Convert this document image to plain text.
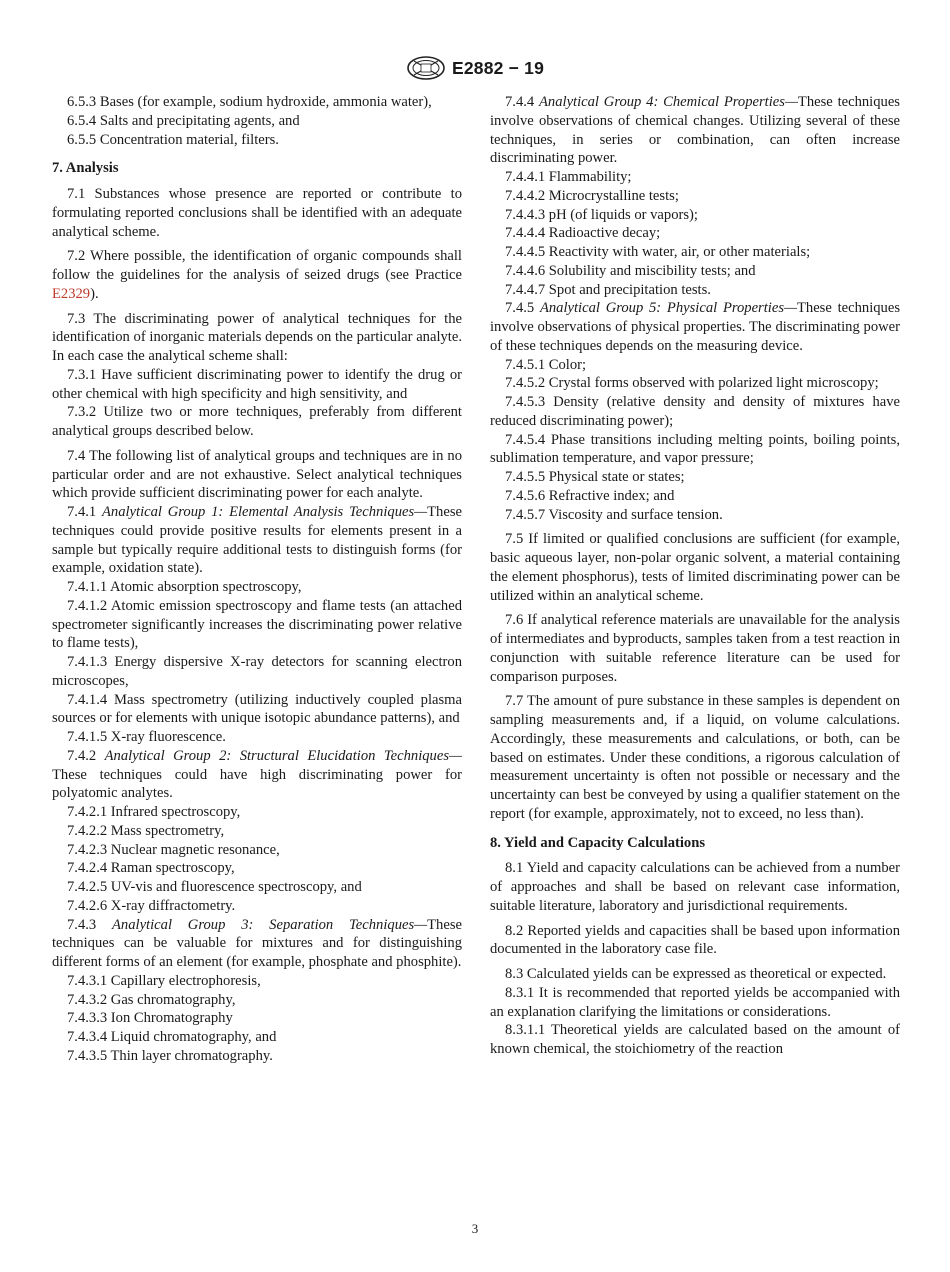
E2882 − 19

6.5.3 Bases (for example, sodium hydroxide, ammonia water),

6.5.4 Salts and precipitating agents, and

6.5.5 Concentration material, filters.

7. Analysis

7.1 Substances whose presence are reported or contribute to formulating reported conclusions shall be identified with an adequate analytical scheme.

7.2 Where possible, the identification of organic compounds shall follow the guidelines for the analysis of seized drugs (see Practice E2329).

7.3 The discriminating power of analytical techniques for the identification of inorganic materials depends on the particular analyte. In each case the analytical scheme shall:

7.3.1 Have sufficient discriminating power to identify the drug or other chemical with high specificity and high sensitivity, and

7.3.2 Utilize two or more techniques, preferably from different analytical groups described below.

7.4 The following list of analytical groups and techniques are in no particular order and are not exhaustive. Select analytical techniques which provide sufficient discriminating power for each analyte.

7.4.1 Analytical Group 1: Elemental Analysis Techniques—These techniques could provide positive results for elements present in a sample but typically require additional tests to distinguish forms (for example, oxidation state).

7.4.1.1 Atomic absorption spectroscopy,

7.4.1.2 Atomic emission spectroscopy and flame tests (an attached spectrometer significantly increases the discriminating power relative to flame tests),

7.4.1.3 Energy dispersive X-ray detectors for scanning electron microscopes,

7.4.1.4 Mass spectrometry (utilizing inductively coupled plasma sources or for elements with unique isotopic abundance patterns), and

7.4.1.5 X-ray fluorescence.

7.4.2 Analytical Group 2: Structural Elucidation Techniques—These techniques could have high discriminating power for polyatomic analytes.

7.4.2.1 Infrared spectroscopy,

7.4.2.2 Mass spectrometry,

7.4.2.3 Nuclear magnetic resonance,

7.4.2.4 Raman spectroscopy,

7.4.2.5 UV-vis and fluorescence spectroscopy, and

7.4.2.6 X-ray diffractometry.

7.4.3 Analytical Group 3: Separation Techniques—These techniques can be valuable for mixtures and for distinguishing different forms of an element (for example, phosphate and phosphite).

7.4.3.1 Capillary electrophoresis,

7.4.3.2 Gas chromatography,

7.4.3.3 Ion Chromatography

7.4.3.4 Liquid chromatography, and

7.4.3.5 Thin layer chromatography.

7.4.4 Analytical Group 4: Chemical Properties—These techniques involve observations of chemical changes. Utilizing several of these techniques, in series or combination, can often increase discriminating power.

7.4.4.1 Flammability;

7.4.4.2 Microcrystalline tests;

7.4.4.3 pH (of liquids or vapors);

7.4.4.4 Radioactive decay;

7.4.4.5 Reactivity with water, air, or other materials;

7.4.4.6 Solubility and miscibility tests; and

7.4.4.7 Spot and precipitation tests.

7.4.5 Analytical Group 5: Physical Properties—These techniques involve observations of physical properties. The discriminating power of these techniques depends on the measuring device.

7.4.5.1 Color;

7.4.5.2 Crystal forms observed with polarized light microscopy;

7.4.5.3 Density (relative density and density of mixtures have reduced discriminating power);

7.4.5.4 Phase transitions including melting points, boiling points, sublimation temperature, and vapor pressure;

7.4.5.5 Physical state or states;

7.4.5.6 Refractive index; and

7.4.5.7 Viscosity and surface tension.

7.5 If limited or qualified conclusions are sufficient (for example, basic aqueous layer, non-polar organic solvent, a material containing the element phosphorus), tests of limited discriminating power can be utilized within an analytical scheme.

7.6 If analytical reference materials are unavailable for the analysis of intermediates and byproducts, samples taken from a test reaction in conjunction with suitable reference literature can be used for comparison purposes.

7.7 The amount of pure substance in these samples is dependent on sampling measurements and, if a liquid, on volume calculations. Accordingly, these measurements and calculations, or both, can be based on estimates. Under these conditions, a rigorous calculation of measurement uncertainty is often not possible or necessary and the uncertainty can best be conveyed by using a qualifier statement on the report (for example, approximately, not to exceed, no less than).

8. Yield and Capacity Calculations

8.1 Yield and capacity calculations can be achieved from a number of approaches and shall be based on relevant case information, suitable literature, laboratory and jurisdictional requirements.

8.2 Reported yields and capacities shall be based upon information documented in the laboratory case file.

8.3 Calculated yields can be expressed as theoretical or expected.

8.3.1 It is recommended that reported yields be accompanied with an explanation clarifying the limitations or considerations.

8.3.1.1 Theoretical yields are calculated based on the amount of known chemical, the stoichiometry of the reaction

3
